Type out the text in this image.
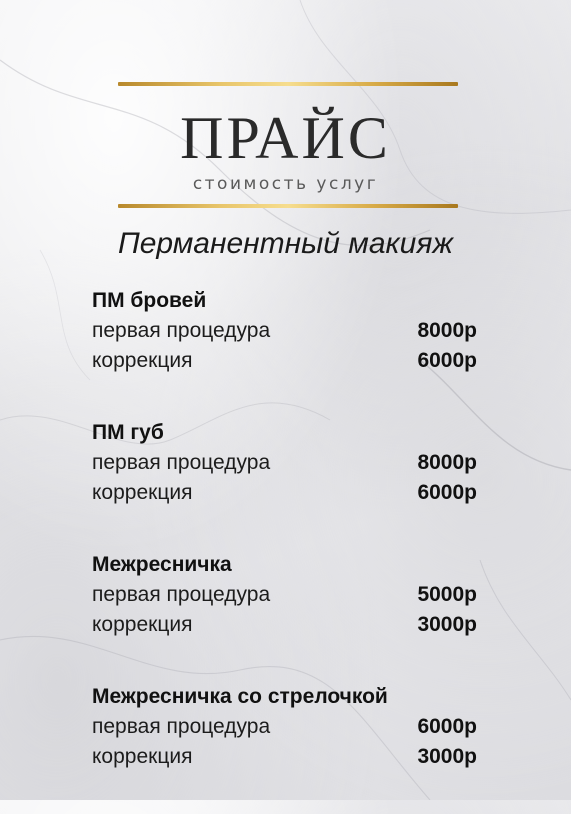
ПРАЙС
стоимость услуг
Перманентный макияж
ПМ бровей
первая процедура	8000р
коррекция	6000р
ПМ губ
первая процедура	8000р
коррекция	6000р
Межресничка
первая процедура	5000р
коррекция	3000р
Межресничка со стрелочкой
первая процедура	6000р
коррекция	3000р
